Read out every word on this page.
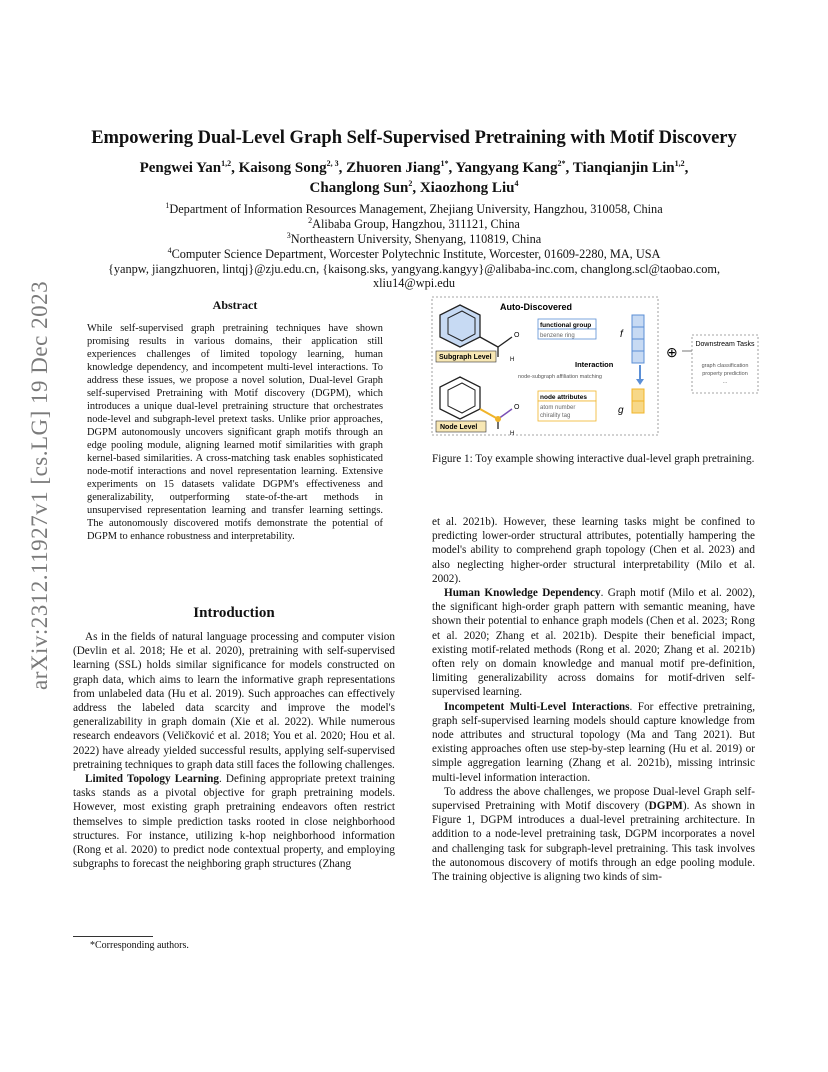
arXiv:2312.11927v1 [cs.LG] 19 Dec 2023
Empowering Dual-Level Graph Self-Supervised Pretraining with Motif Discovery
Pengwei Yan$^{1,2}$, Kaisong Song$^{2, 3}$, Zhuoren Jiang$^{1*}$, Yangyang Kang$^{2*}$, Tianqianjin Lin$^{1,2}$,
Changlong Sun$^2$, Xiaozhong Liu$^4$
$^1$Department of Information Resources Management, Zhejiang University, Hangzhou, 310058, China
$^2$Alibaba Group, Hangzhou, 311121, China
$^3$Northeastern University, Shenyang, 110819, China
$^4$Computer Science Department, Worcester Polytechnic Institute, Worcester, 01609-2280, MA, USA
{yanpw, jiangzhuoren, lintqj}@zju.edu.cn, {kaisong.sks, yangyang.kangyy}@alibaba-inc.com, changlong.scl@taobao.com,
xliu14@wpi.edu
Abstract
While self-supervised graph pretraining techniques have shown promising results in various domains, their application still experiences challenges of limited topology learning, human knowledge dependency, and incompetent multi-level interactions. To address these issues, we propose a novel solution, Dual-level Graph self-supervised Pretraining with Motif discovery (DGPM), which introduces a unique dual-level pretraining structure that orchestrates node-level and subgraph-level pretext tasks. Unlike prior approaches, DGPM autonomously uncovers significant graph motifs through an edge pooling module, aligning learned motif similarities with graph kernel-based similarities. A cross-matching task enables sophisticated node-motif interactions and novel representation learning. Extensive experiments on 15 datasets validate DGPM's effectiveness and generalizability, outperforming state-of-the-art methods in unsupervised representation learning and transfer learning settings. The autonomously discovered motifs demonstrate the potential of DGPM to enhance robustness and interpretability.
Introduction

As in the fields of natural language processing and computer vision (Devlin et al. 2018; He et al. 2020), pretraining with self-supervised learning (SSL) holds similar significance for models constructed on graph data, which aims to learn the informative graph representations from unlabeled data (Hu et al. 2019). Such approaches can effectively address the labeled data scarcity and improve the model's generalizability in graph domain (Xie et al. 2022). While numerous research endeavors (Veličković et al. 2018; You et al. 2020; Hou et al. 2022) have already yielded successful results, applying self-supervised pretraining techniques to graph data still faces the following challenges.

Limited Topology Learning. Defining appropriate pretext training tasks stands as a pivotal objective for graph pretraining models. However, most existing graph pretraining endeavors often restrict themselves to simple prediction tasks rooted in close neighborhood structures. For instance, utilizing k-hop neighborhood information (Rong et al. 2020) to predict node contextual property, and employing subgraphs to forecast the neighboring graph structures (Zhang

Auto-Discovered
O
H
Subgraph Level
functional group
benzene ring	f
Interaction
node-subgraph affiliation matching
O
H
Node Level
node attributes
atom number
chirality tag	g
⊕	Downstream Tasks
graph classification
property prediction
...
Figure 1: Toy example showing interactive dual-level graph pretraining.

et al. 2021b). However, these learning tasks might be confined to predicting lower-order structural attributes, potentially hampering the model's ability to comprehend graph topology (Chen et al. 2023) and also neglecting higher-order structural interpretability (Milo et al. 2002).

Human Knowledge Dependency. Graph motif (Milo et al. 2002), the significant high-order graph pattern with semantic meaning, have shown their potential to enhance graph models (Chen et al. 2023; Rong et al. 2020; Zhang et al. 2021b). Despite their beneficial impact, existing motif-related methods (Rong et al. 2020; Zhang et al. 2021b) often rely on domain knowledge and manual motif pre-definition, limiting generalizability across domains for motif-driven self-supervised learning.

Incompetent Multi-Level Interactions. For effective pretraining, graph self-supervised learning models should capture knowledge from node attributes and structural topology (Ma and Tang 2021). But existing approaches often use step-by-step learning (Hu et al. 2019) or simple aggregation learning (Zhang et al. 2021b), missing intrinsic multi-level information interaction.

To address the above challenges, we propose Dual-level Graph self-supervised Pretraining with Motif discovery (DGPM). As shown in Figure 1, DGPM introduces a dual-level pretraining architecture. In addition to a node-level pretraining task, DGPM incorporates a novel and challenging task for subgraph-level pretraining. This task involves the autonomous discovery of motifs through an edge pooling module. The training objective is aligning two kinds of sim-

*Corresponding authors.
